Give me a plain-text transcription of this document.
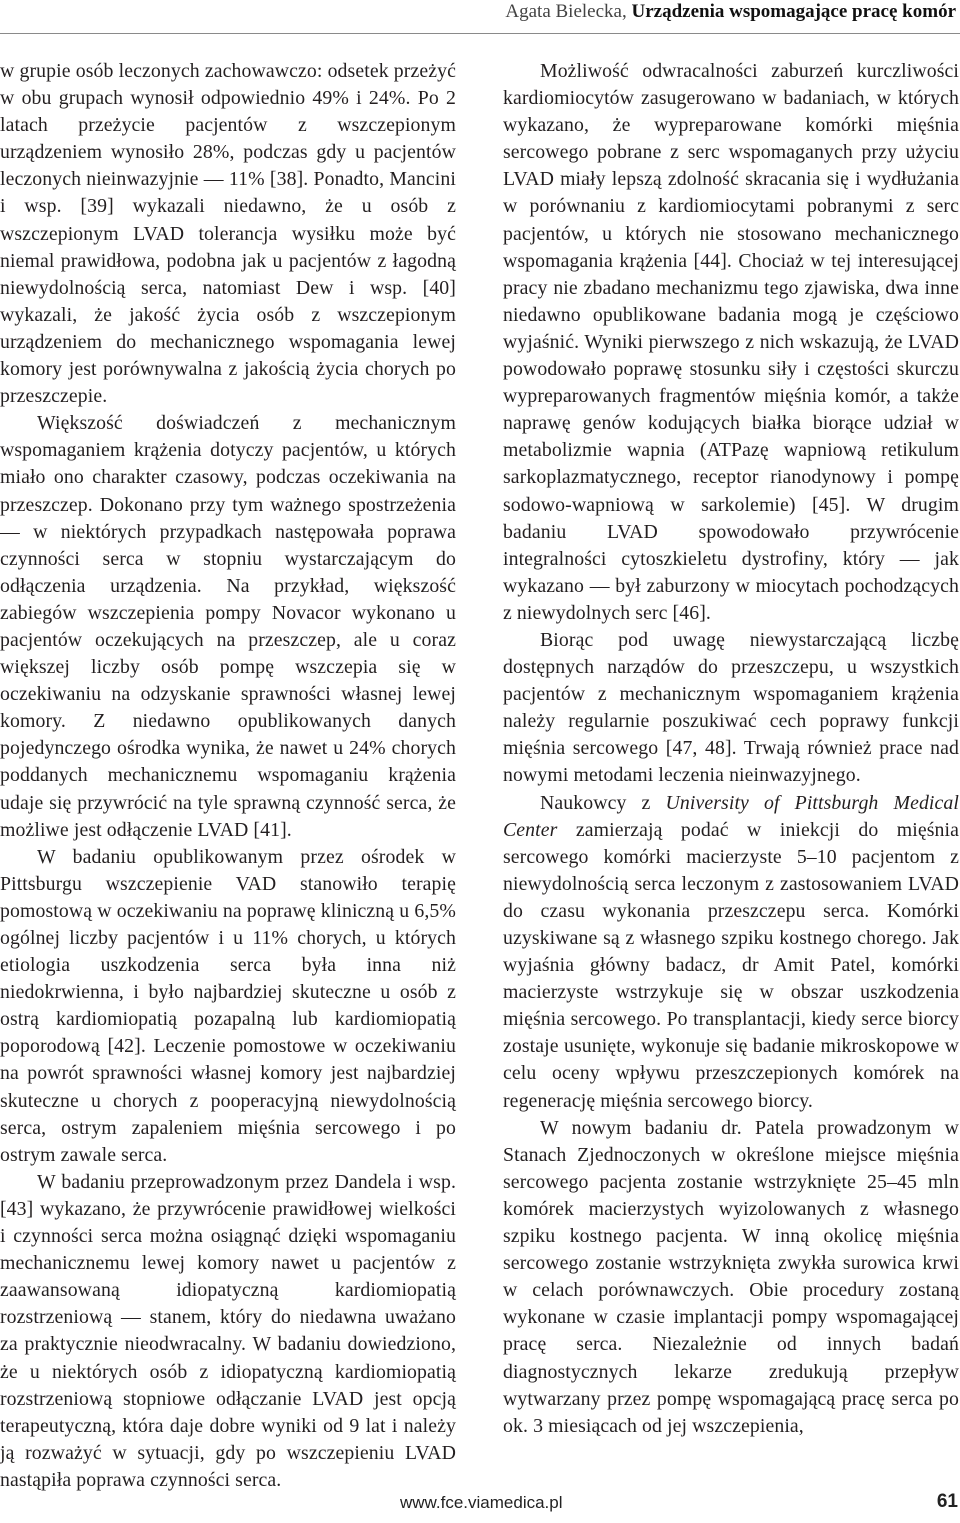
Agata Bielecka, Urządzenia wspomagające pracę komór

w grupie osób leczonych zachowawczo: odsetek przeżyć w obu grupach wynosił odpowiednio 49% i 24%. Po 2 latach przeżycie pacjentów z wszczepionym urządzeniem wynosiło 28%, podczas gdy u pacjentów leczonych nieinwazyjnie — 11% [38]. Ponadto, Mancini i wsp. [39] wykazali niedawno, że u osób z wszczepionym LVAD tolerancja wysiłku może być niemal prawidłowa, podobna jak u pacjentów z łagodną niewydolnością serca, natomiast Dew i wsp. [40] wykazali, że jakość życia osób z wszczepionym urządzeniem do mechanicznego wspomagania lewej komory jest porównywalna z jakością życia chorych po przeszczepie.

Większość doświadczeń z mechanicznym wspomaganiem krążenia dotyczy pacjentów, u których miało ono charakter czasowy, podczas oczekiwania na przeszczep. Dokonano przy tym ważnego spostrzeżenia — w niektórych przypadkach następowała poprawa czynności serca w stopniu wystarczającym do odłączenia urządzenia. Na przykład, większość zabiegów wszczepienia pompy Novacor wykonano u pacjentów oczekujących na przeszczep, ale u coraz większej liczby osób pompę wszczepia się w oczekiwaniu na odzyskanie sprawności własnej lewej komory. Z niedawno opublikowanych danych pojedynczego ośrodka wynika, że nawet u 24% chorych poddanych mechanicznemu wspomaganiu krążenia udaje się przywrócić na tyle sprawną czynność serca, że możliwe jest odłączenie LVAD [41].

W badaniu opublikowanym przez ośrodek w Pittsburgu wszczepienie VAD stanowiło terapię pomostową w oczekiwaniu na poprawę kliniczną u 6,5% ogólnej liczby pacjentów i u 11% chorych, u których etiologia uszkodzenia serca była inna niż niedokrwienna, i było najbardziej skuteczne u osób z ostrą kardiomiopatią pozapalną lub kardiomiopatią poporodową [42]. Leczenie pomostowe w oczekiwaniu na powrót sprawności własnej komory jest najbardziej skuteczne u chorych z pooperacyjną niewydolnością serca, ostrym zapaleniem mięśnia sercowego i po ostrym zawale serca.

W badaniu przeprowadzonym przez Dandela i wsp. [43] wykazano, że przywrócenie prawidłowej wielkości i czynności serca można osiągnąć dzięki wspomaganiu mechanicznemu lewej komory nawet u pacjentów z zaawansowaną idiopatyczną kardiomiopatią rozstrzeniową — stanem, który do niedawna uważano za praktycznie nieodwracalny. W badaniu dowiedziono, że u niektórych osób z idiopatyczną kardiomiopatią rozstrzeniową stopniowe odłączanie LVAD jest opcją terapeutyczną, która daje dobre wyniki od 9 lat i należy ją rozważyć w sytuacji, gdy po wszczepieniu LVAD nastąpiła poprawa czynności serca.

Możliwość odwracalności zaburzeń kurczliwości kardiomiocytów zasugerowano w badaniach, w których wykazano, że wypreparowane komórki mięśnia sercowego pobrane z serc wspomaganych przy użyciu LVAD miały lepszą zdolność skracania się i wydłużania w porównaniu z kardiomiocytami pobranymi z serc pacjentów, u których nie stosowano mechanicznego wspomagania krążenia [44]. Chociaż w tej interesującej pracy nie zbadano mechanizmu tego zjawiska, dwa inne niedawno opublikowane badania mogą je częściowo wyjaśnić. Wyniki pierwszego z nich wskazują, że LVAD powodowało poprawę stosunku siły i częstości skurczu wypreparowanych fragmentów mięśnia komór, a także naprawę genów kodujących białka biorące udział w metabolizmie wapnia (ATPazę wapniową retikulum sarkoplazmatycznego, receptor rianodynowy i pompę sodowo-wapniową w sarkolemie) [45]. W drugim badaniu LVAD spowodowało przywrócenie integralności cytoszkieletu dystrofiny, który — jak wykazano — był zaburzony w miocytach pochodzących z niewydolnych serc [46].

Biorąc pod uwagę niewystarczającą liczbę dostępnych narządów do przeszczepu, u wszystkich pacjentów z mechanicznym wspomaganiem krążenia należy regularnie poszukiwać cech poprawy funkcji mięśnia sercowego [47, 48]. Trwają również prace nad nowymi metodami leczenia nieinwazyjnego.

Naukowcy z University of Pittsburgh Medical Center zamierzają podać w iniekcji do mięśnia sercowego komórki macierzyste 5–10 pacjentom z niewydolnością serca leczonym z zastosowaniem LVAD do czasu wykonania przeszczepu serca. Komórki uzyskiwane są z własnego szpiku kostnego chorego. Jak wyjaśnia główny badacz, dr Amit Patel, komórki macierzyste wstrzykuje się w obszar uszkodzenia mięśnia sercowego. Po transplantacji, kiedy serce biorcy zostaje usunięte, wykonuje się badanie mikroskopowe w celu oceny wpływu przeszczepionych komórek na regenerację mięśnia sercowego biorcy.

W nowym badaniu dr. Patela prowadzonym w Stanach Zjednoczonych w określone miejsce mięśnia sercowego pacjenta zostanie wstrzyknięte 25–45 mln komórek macierzystych wyizolowanych z własnego szpiku kostnego pacjenta. W inną okolicę mięśnia sercowego zostanie wstrzyknięta zwykła surowica krwi w celach porównawczych. Obie procedury zostaną wykonane w czasie implantacji pompy wspomagającej pracę serca. Niezależnie od innych badań diagnostycznych lekarze zredukują przepływ wytwarzany przez pompę wspomagającą pracę serca po ok. 3 miesiącach od jej wszczepienia,

www.fce.viamedica.pl	61
